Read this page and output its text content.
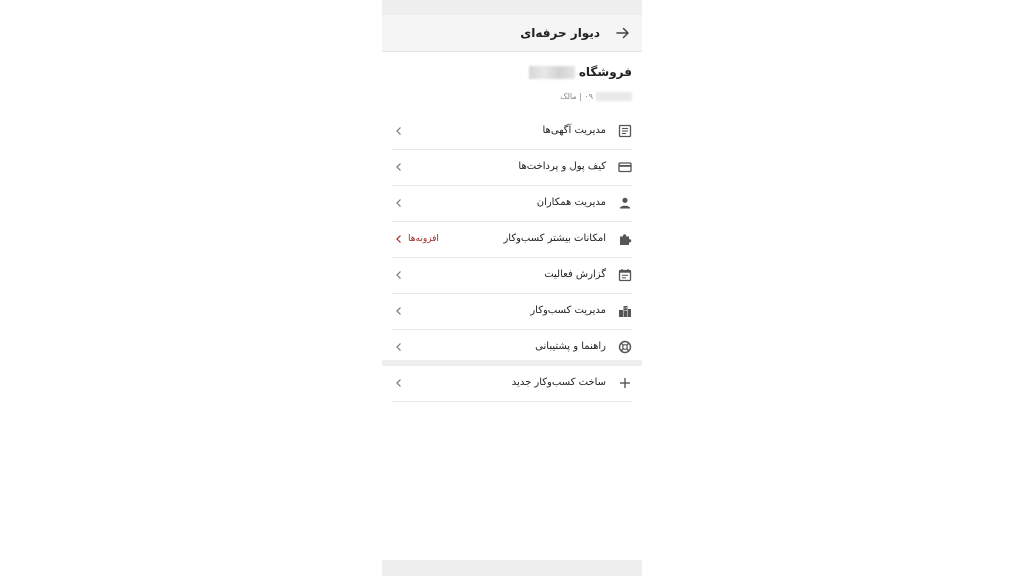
دیوار حرفه‌ای
فروشگاه
۰۹ | مالک
مدیریت آگهی‌ها
کیف پول و پرداخت‌ها
مدیریت همکاران
امکانات بیشتر کسب‌وکار
افزونه‌ها
گزارش فعالیت
مدیریت کسب‌وکار
راهنما و پشتیبانی
ساخت کسب‌وکار جدید
